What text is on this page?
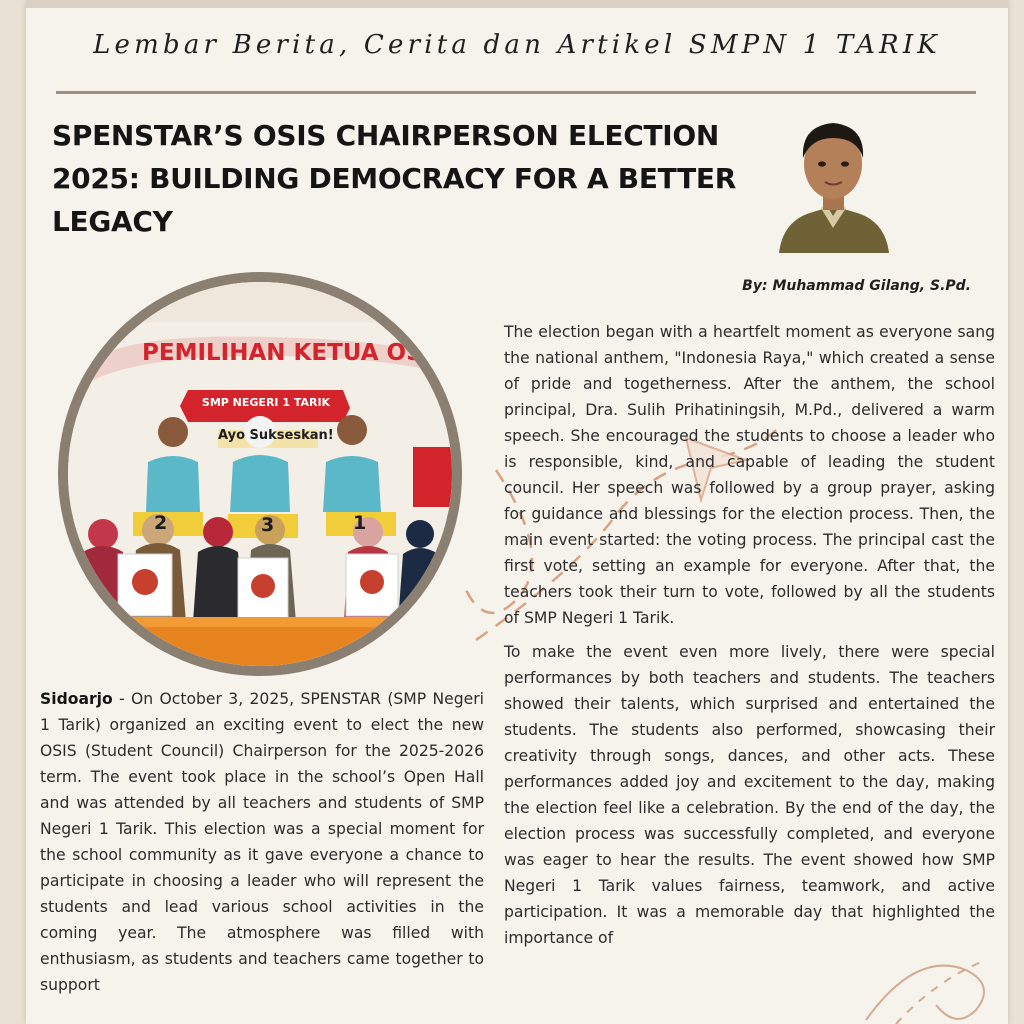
Lembar Berita, Cerita dan Artikel SMPN 1 TARIK
SPENSTAR’S OSIS CHAIRPERSON ELECTION 2025: BUILDING DEMOCRACY FOR A BETTER LEGACY
By: Muhammad Gilang, S.Pd.
PEMILIHAN KETUA OSIS
SMP NEGERI 1 TARIK
Ayo Sukseskan!
2	3	1

The election began with a heartfelt moment as everyone sang the national anthem, "Indonesia Raya," which created a sense of pride and togetherness. After the anthem, the school principal, Dra. Sulih Prihatiningsih, M.Pd., delivered a warm speech. She encouraged the students to choose a leader who is responsible, kind, and capable of leading the student council. Her speech was followed by a group prayer, asking for guidance and blessings for the election process. Then, the main event started: the voting process. The principal cast the first vote, setting an example for everyone. After that, the teachers took their turn to vote, followed by all the students of SMP Negeri 1 Tarik.

To make the event even more lively, there were special performances by both teachers and students. The teachers showed their talents, which surprised and entertained the students. The students also performed, showcasing their creativity through songs, dances, and other acts. These performances added joy and excitement to the day, making the election feel like a celebration. By the end of the day, the election process was successfully completed, and everyone was eager to hear the results. The event showed how SMP Negeri 1 Tarik values fairness, teamwork, and active participation. It was a memorable day that highlighted the importance of

Sidoarjo - On October 3, 2025, SPENSTAR (SMP Negeri 1 Tarik) organized an exciting event to elect the new OSIS (Student Council) Chairperson for the 2025-2026 term. The event took place in the school’s Open Hall and was attended by all teachers and students of SMP Negeri 1 Tarik. This election was a special moment for the school community as it gave everyone a chance to participate in choosing a leader who will represent the students and lead various school activities in the coming year. The atmosphere was filled with enthusiasm, as students and teachers came together to support
